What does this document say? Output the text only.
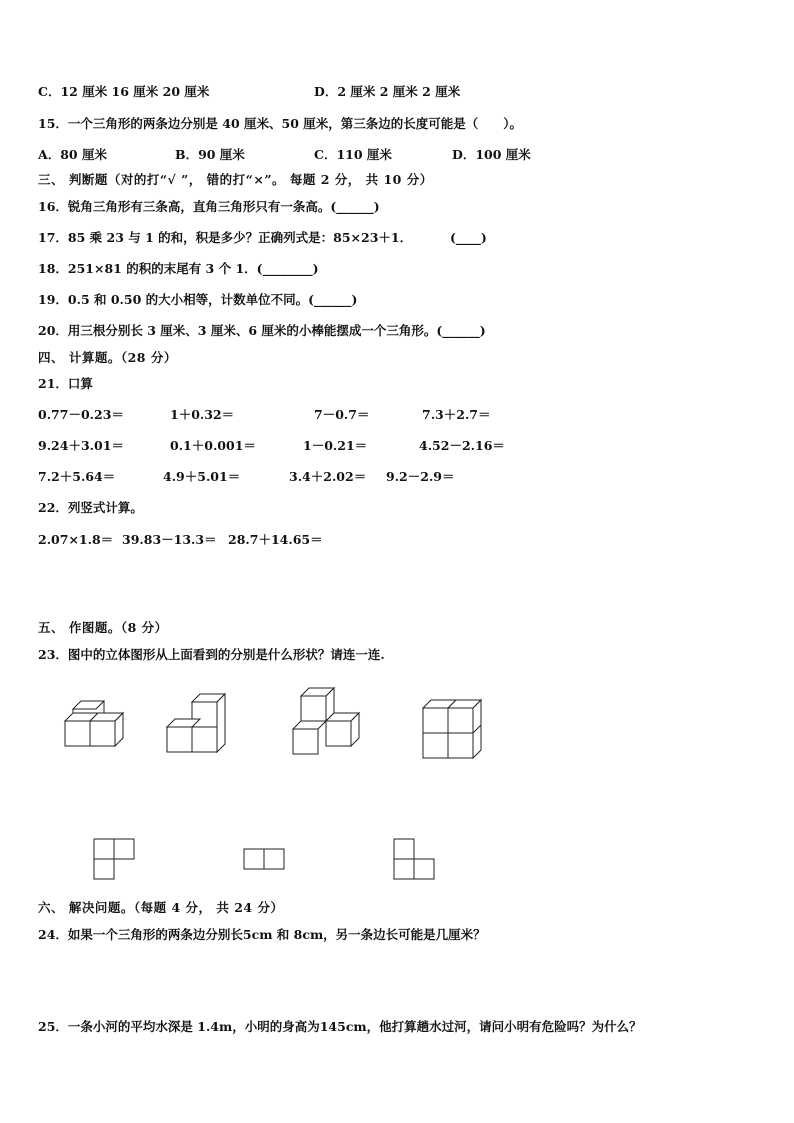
C．12 厘米 16 厘米 20 厘米	D．2 厘米 2 厘米 2 厘米
15．一个三角形的两条边分别是 40 厘米、50 厘米，第三条边的长度可能是（　　）。
A．80 厘米	B．90 厘米	C．110 厘米	D．100 厘米
三、 判断题（对的打“√ ”， 错的打“×”。 每题 2 分， 共 10 分）
16．锐角三角形有三条高，直角三角形只有一条高。(______)
17．85 乘 23 与 1 的和，积是多少？正确列式是：85×23＋1．	(____)
18．251×81 的积的末尾有 3 个 1．(________)
19．0.5 和 0.50 的大小相等，计数单位不同。(______)
20．用三根分别长 3 厘米、3 厘米、6 厘米的小棒能摆成一个三角形。(______)
四、 计算题。（28 分）
21．口算
0.77－0.23＝	1＋0.32＝	7－0.7＝	7.3＋2.7＝
9.24＋3.01＝	0.1＋0.001＝	1－0.21＝	4.52－2.16＝
7.2＋5.64＝	4.9＋5.01＝	3.4＋2.02＝ 9.2－2.9＝
22．列竖式计算。
2.07×1.8＝ 39.83－13.3＝ 28.7＋14.65＝
五、 作图题。（8 分）
23．图中的立体图形从上面看到的分别是什么形状？请连一连.
六、 解决问题。（每题 4 分， 共 24 分）
24．如果一个三角形的两条边分别长5cm 和 8cm，另一条边长可能是几厘米？
25．一条小河的平均水深是 1.4m，小明的身高为145cm，他打算趟水过河，请问小明有危险吗？为什么？
